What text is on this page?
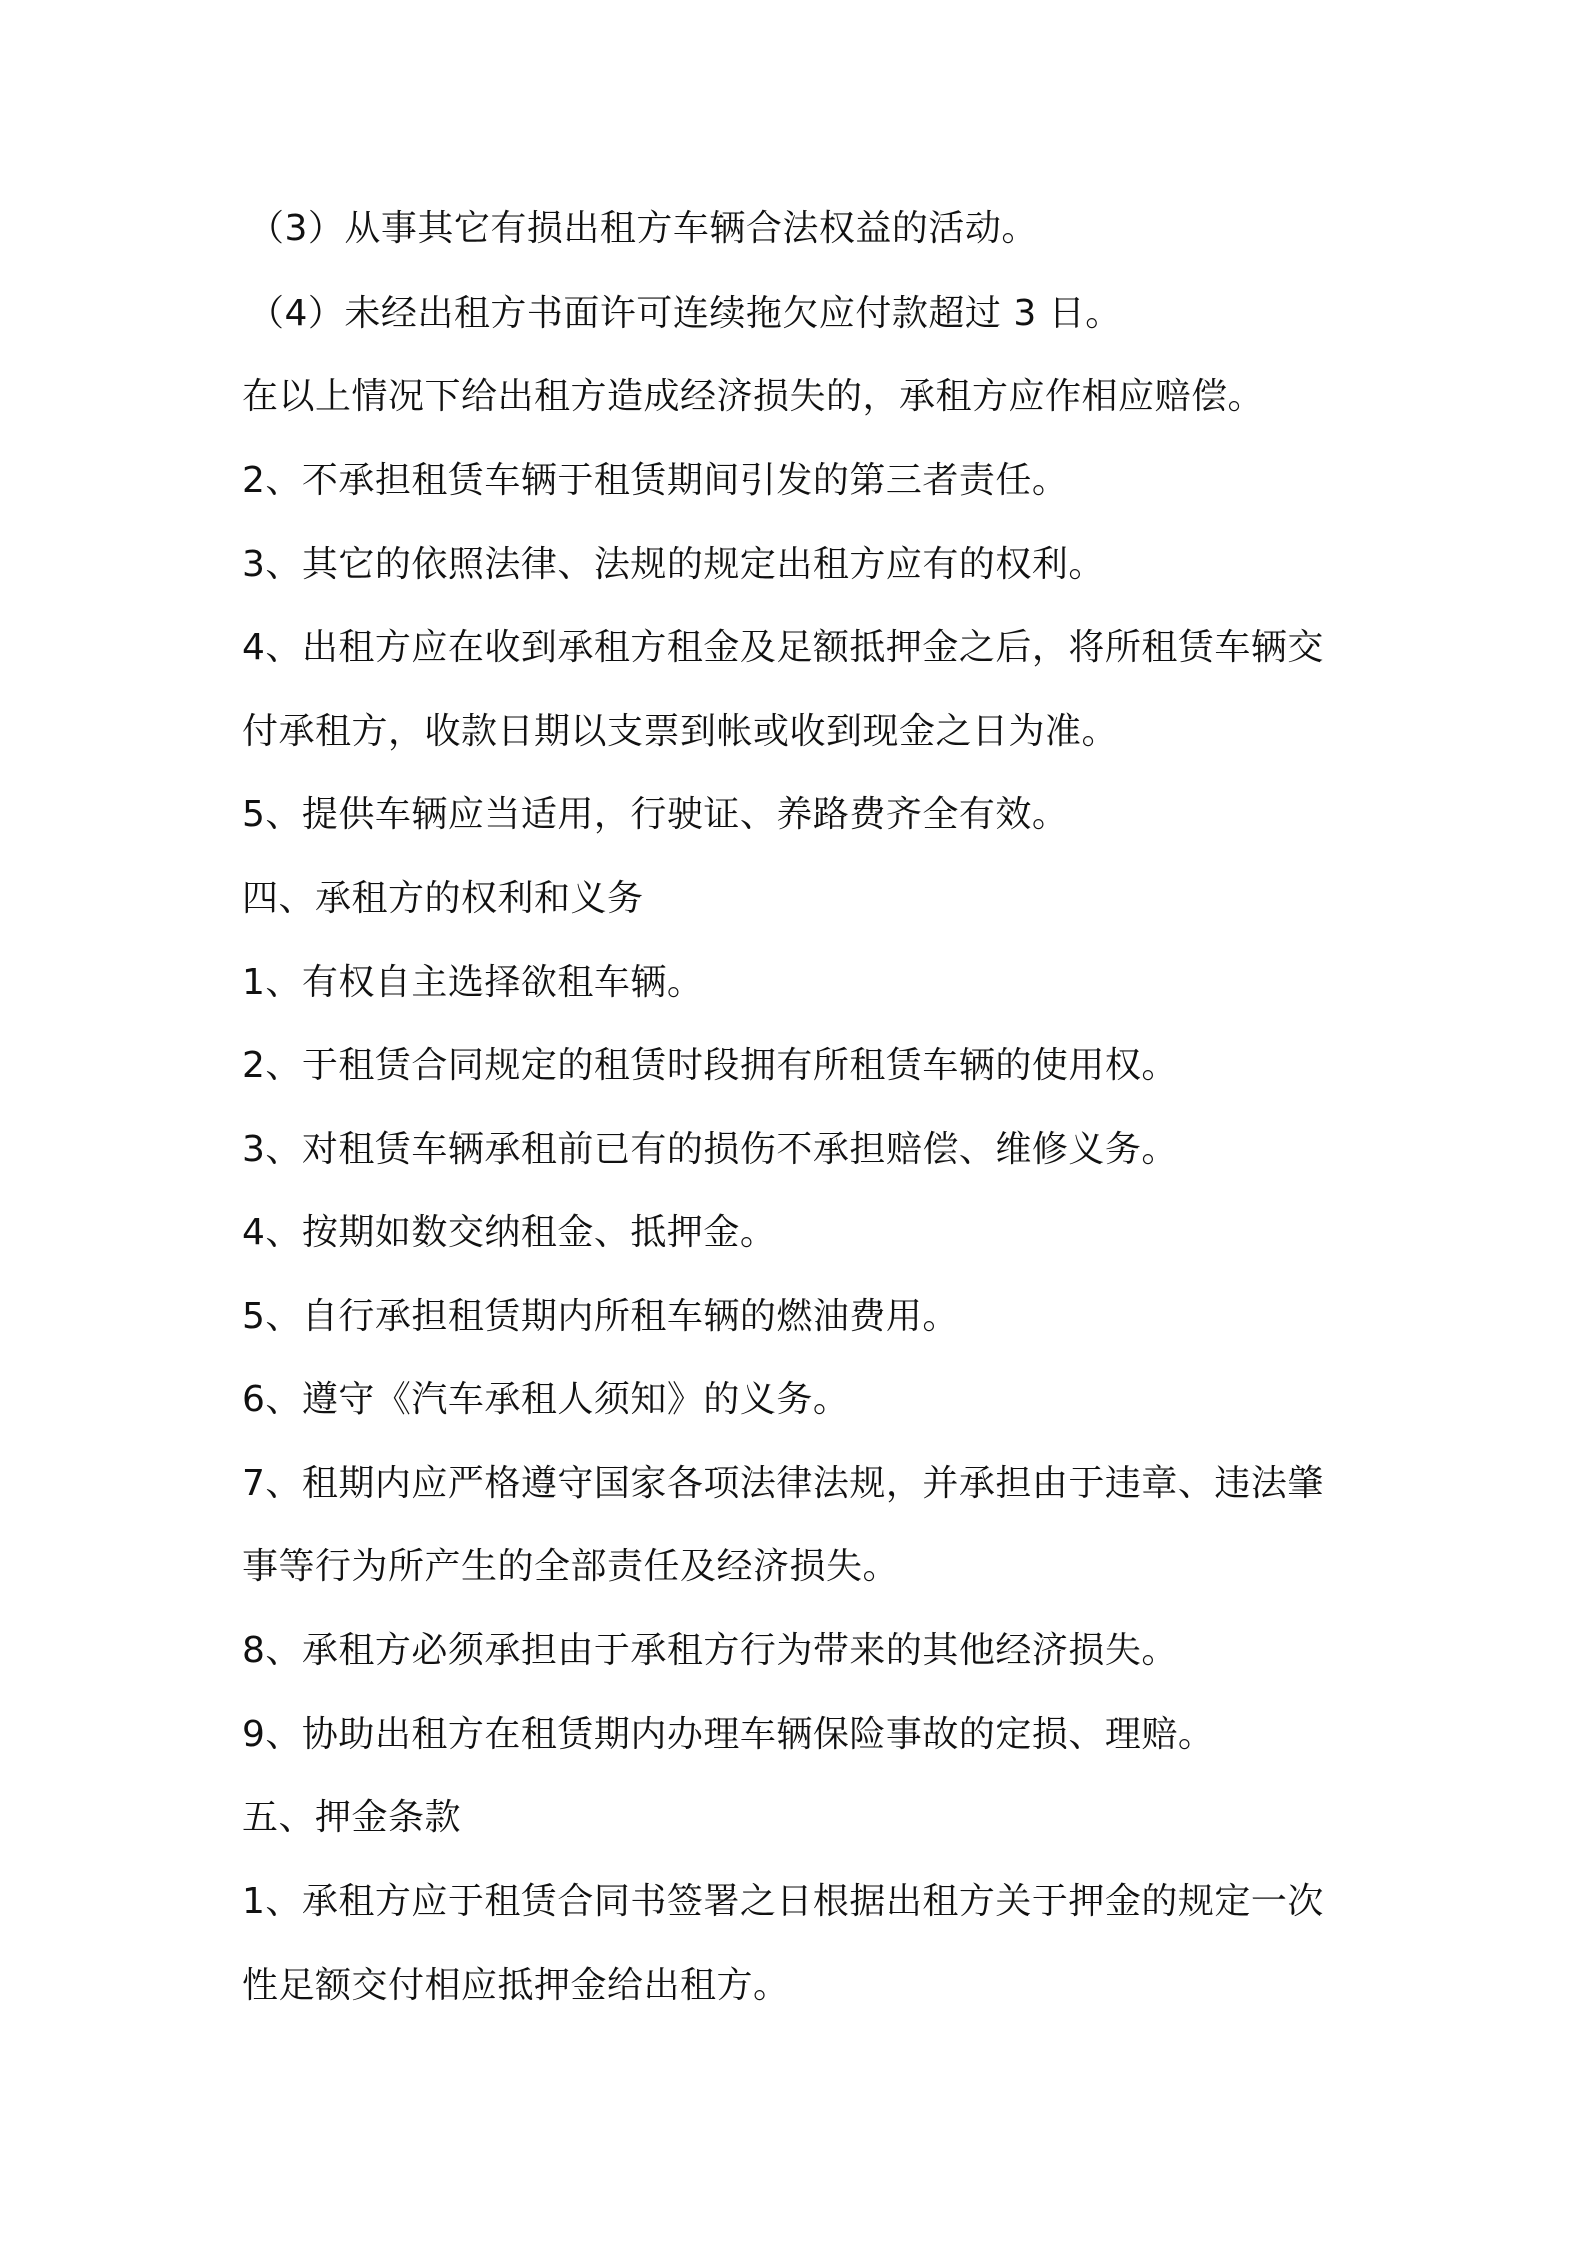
（3）从事其它有损出租方车辆合法权益的活动。
（4）未经出租方书面许可连续拖欠应付款超过 3 日。
在以上情况下给出租方造成经济损失的，承租方应作相应赔偿。
2、不承担租赁车辆于租赁期间引发的第三者责任。
3、其它的依照法律、法规的规定出租方应有的权利。
4、出租方应在收到承租方租金及足额抵押金之后，将所租赁车辆交
付承租方，收款日期以支票到帐或收到现金之日为准。
5、提供车辆应当适用，行驶证、养路费齐全有效。
四、承租方的权利和义务
1、有权自主选择欲租车辆。
2、于租赁合同规定的租赁时段拥有所租赁车辆的使用权。
3、对租赁车辆承租前已有的损伤不承担赔偿、维修义务。
4、按期如数交纳租金、抵押金。
5、自行承担租赁期内所租车辆的燃油费用。
6、遵守《汽车承租人须知》的义务。
7、租期内应严格遵守国家各项法律法规，并承担由于违章、违法肇
事等行为所产生的全部责任及经济损失。
8、承租方必须承担由于承租方行为带来的其他经济损失。
9、协助出租方在租赁期内办理车辆保险事故的定损、理赔。
五、押金条款
1、承租方应于租赁合同书签署之日根据出租方关于押金的规定一次
性足额交付相应抵押金给出租方。
